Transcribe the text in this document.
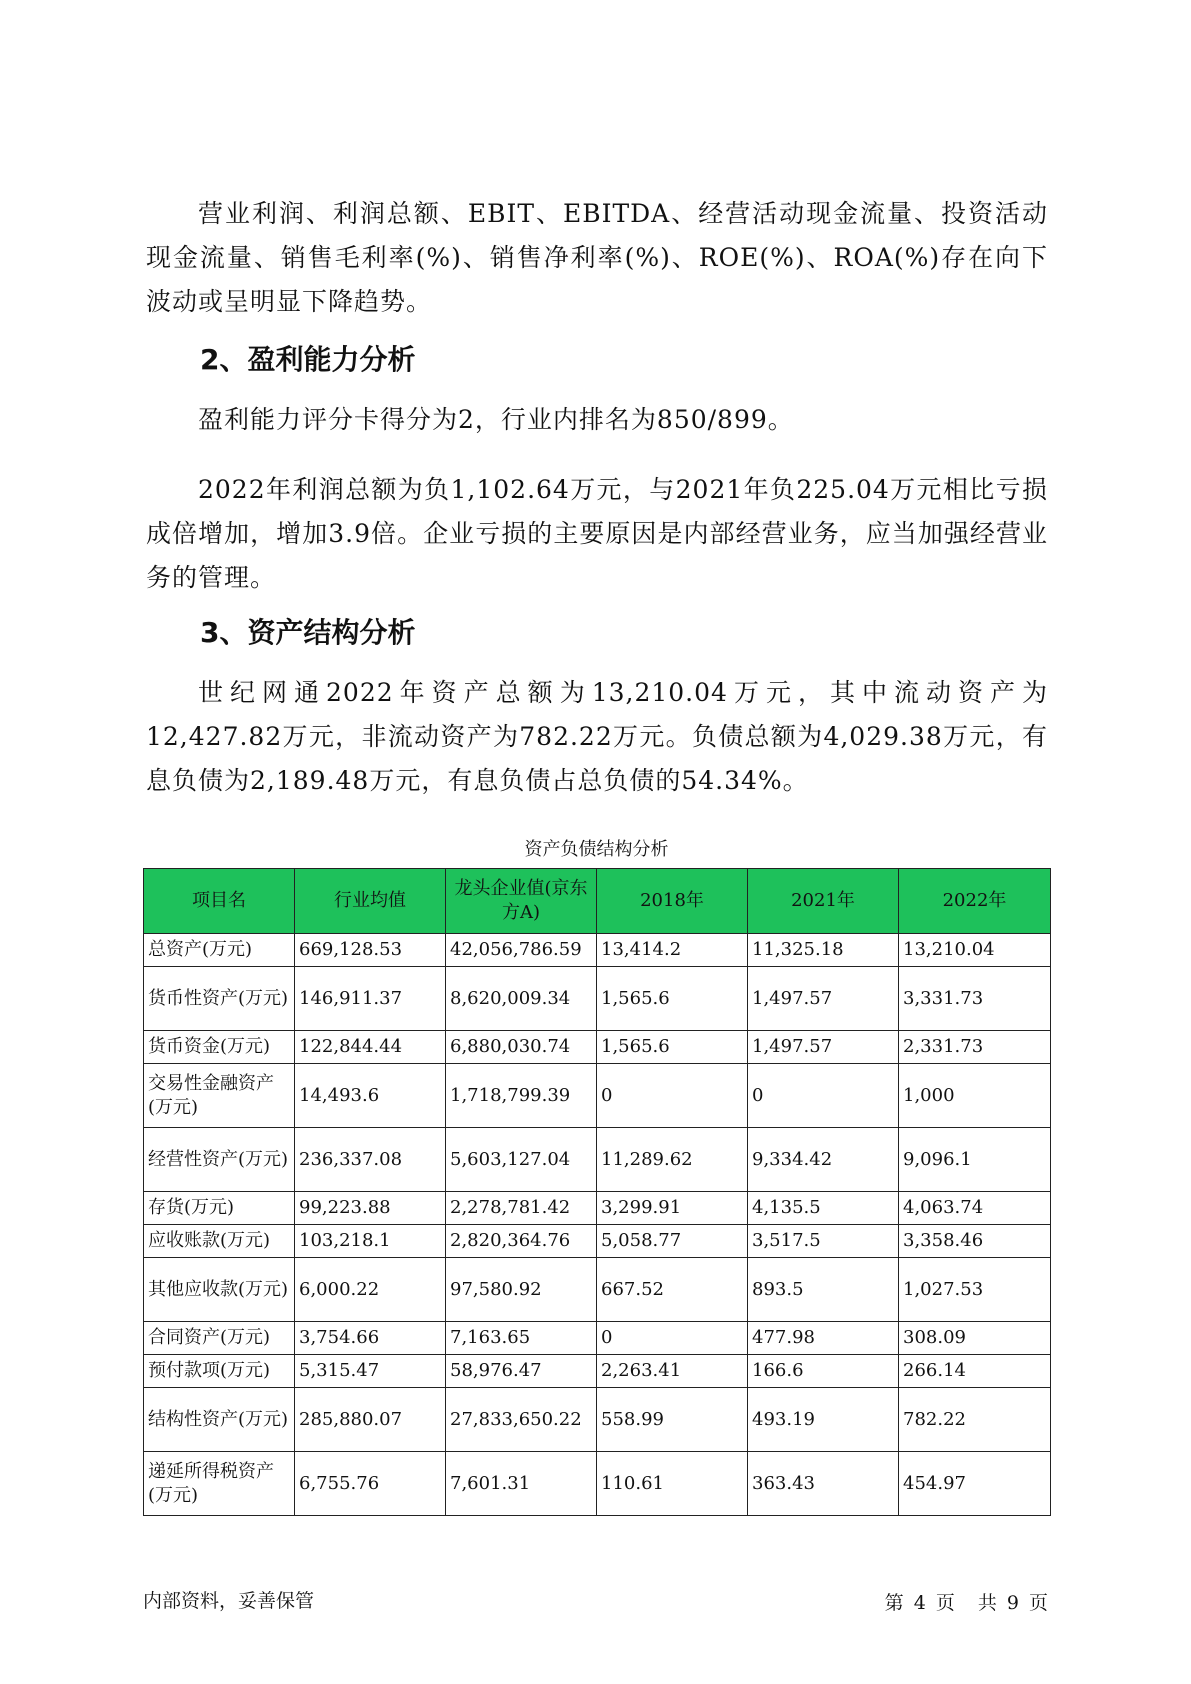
营业利润、利润总额、EBIT、EBITDA、经营活动现金流量、投资活动现金流量、销售毛利率(%)、销售净利率(%)、ROE(%)、ROA(%)存在向下波动或呈明显下降趋势。

2、盈利能力分析

盈利能力评分卡得分为2，行业内排名为850/899。

2022年利润总额为负1,102.64万元，与2021年负225.04万元相比亏损成倍增加，增加3.9倍。企业亏损的主要原因是内部经营业务，应当加强经营业务的管理。

3、资产结构分析

世纪网通2022年资产总额为13,210.04万元，其中流动资产为12,427.82万元，非流动资产为782.22万元。负债总额为4,029.38万元，有息负债为2,189.48万元，有息负债占总负债的54.34%。

资产负债结构分析
项目名	行业均值	龙头企业值(京东方A)	2018年	2021年	2022年
总资产(万元)	669,128.53	42,056,786.59	13,414.2	11,325.18	13,210.04
货币性资产(万元)	146,911.37	8,620,009.34	1,565.6	1,497.57	3,331.73
货币资金(万元)	122,844.44	6,880,030.74	1,565.6	1,497.57	2,331.73
交易性金融资产(万元)	14,493.6	1,718,799.39	0	0	1,000
经营性资产(万元)	236,337.08	5,603,127.04	11,289.62	9,334.42	9,096.1
存货(万元)	99,223.88	2,278,781.42	3,299.91	4,135.5	4,063.74
应收账款(万元)	103,218.1	2,820,364.76	5,058.77	3,517.5	3,358.46
其他应收款(万元)	6,000.22	97,580.92	667.52	893.5	1,027.53
合同资产(万元)	3,754.66	7,163.65	0	477.98	308.09
预付款项(万元)	5,315.47	58,976.47	2,263.41	166.6	266.14
结构性资产(万元)	285,880.07	27,833,650.22	558.99	493.19	782.22
递延所得税资产(万元)	6,755.76	7,601.31	110.61	363.43	454.97
内部资料，妥善保管	第 4 页　共 9 页
